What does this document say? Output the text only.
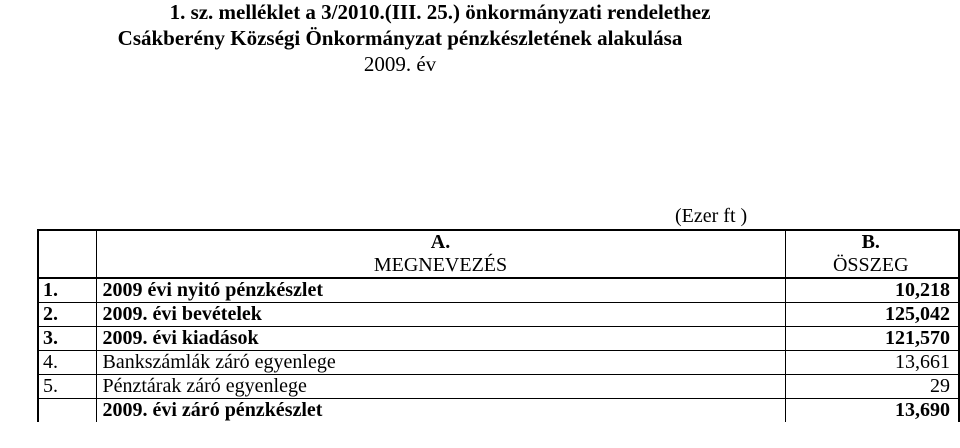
1. sz. melléklet a 3/2010.(III. 25.) önkormányzati rendelethez
Csákberény Községi Önkormányzat pénzkészletének alakulása
2009. év
(Ezer ft )
	A.	B.
	MEGNEVEZÉS	ÖSSZEG
1.	2009 évi nyitó pénzkészlet	10,218
2.	2009. évi bevételek	125,042
3.	2009. évi kiadások	121,570
4.	Bankszámlák záró egyenlege	13,661
5.	Pénztárak záró egyenlege	29
	2009. évi záró pénzkészlet	13,690
